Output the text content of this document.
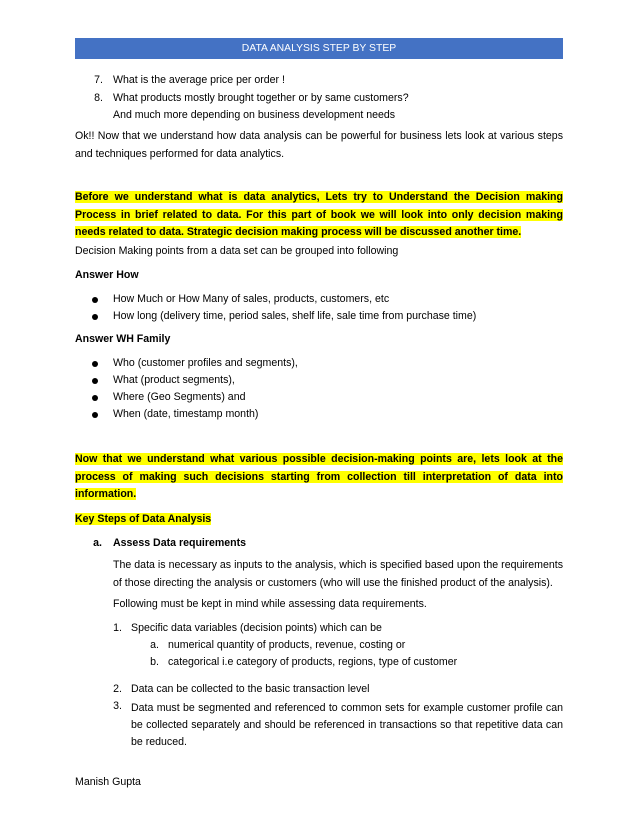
DATA ANALYSIS STEP BY STEP
7. What is the average price per order !
8. What products mostly brought together or by same customers?
And much more depending on business development needs
Ok!! Now that we understand how data analysis can be powerful for business lets look at various steps and techniques performed for data analytics.
Before we understand what is data analytics, Lets try to Understand the Decision making Process in brief related to data. For this part of book we will look into only decision making needs related to data. Strategic decision making process will be discussed another time.
Decision Making points from a data set can be grouped into following
Answer How
How Much or How Many of sales, products, customers, etc
How long (delivery time, period sales, shelf life, sale time from purchase time)
Answer WH Family
Who (customer profiles and segments),
What (product segments),
Where (Geo Segments) and
When (date, timestamp month)
Now that we understand what various possible decision-making points are, lets look at the process of making such decisions starting from collection till interpretation of data into information.
Key Steps of Data Analysis
a. Assess Data requirements
The data is necessary as inputs to the analysis, which is specified based upon the requirements of those directing the analysis or customers (who will use the finished product of the analysis).
Following must be kept in mind while assessing data requirements.
1. Specific data variables (decision points) which can be
a. numerical quantity of products, revenue, costing or
b. categorical i.e category of products, regions, type of customer
2. Data can be collected to the basic transaction level
3. Data must be segmented and referenced to common sets for example customer profile can be collected separately and should be referenced in transactions so that repetitive data can be reduced.
Manish Gupta
